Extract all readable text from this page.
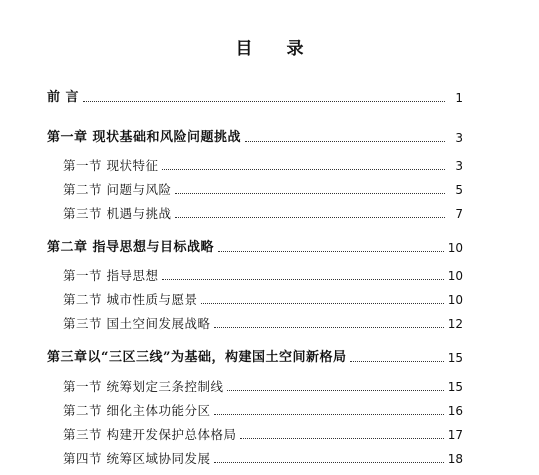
目 录
前 言	1
第一章 现状基础和风险问题挑战	3
第一节 现状特征	3
第二节 问题与风险	5
第三节 机遇与挑战	7
第二章 指导思想与目标战略	10
第一节 指导思想	10
第二节 城市性质与愿景	10
第三节 国土空间发展战略	12
第三章以“三区三线”为基础，构建国土空间新格局	15
第一节 统筹划定三条控制线	15
第二节 细化主体功能分区	16
第三节 构建开发保护总体格局	17
第四节 统筹区域协同发展	18
